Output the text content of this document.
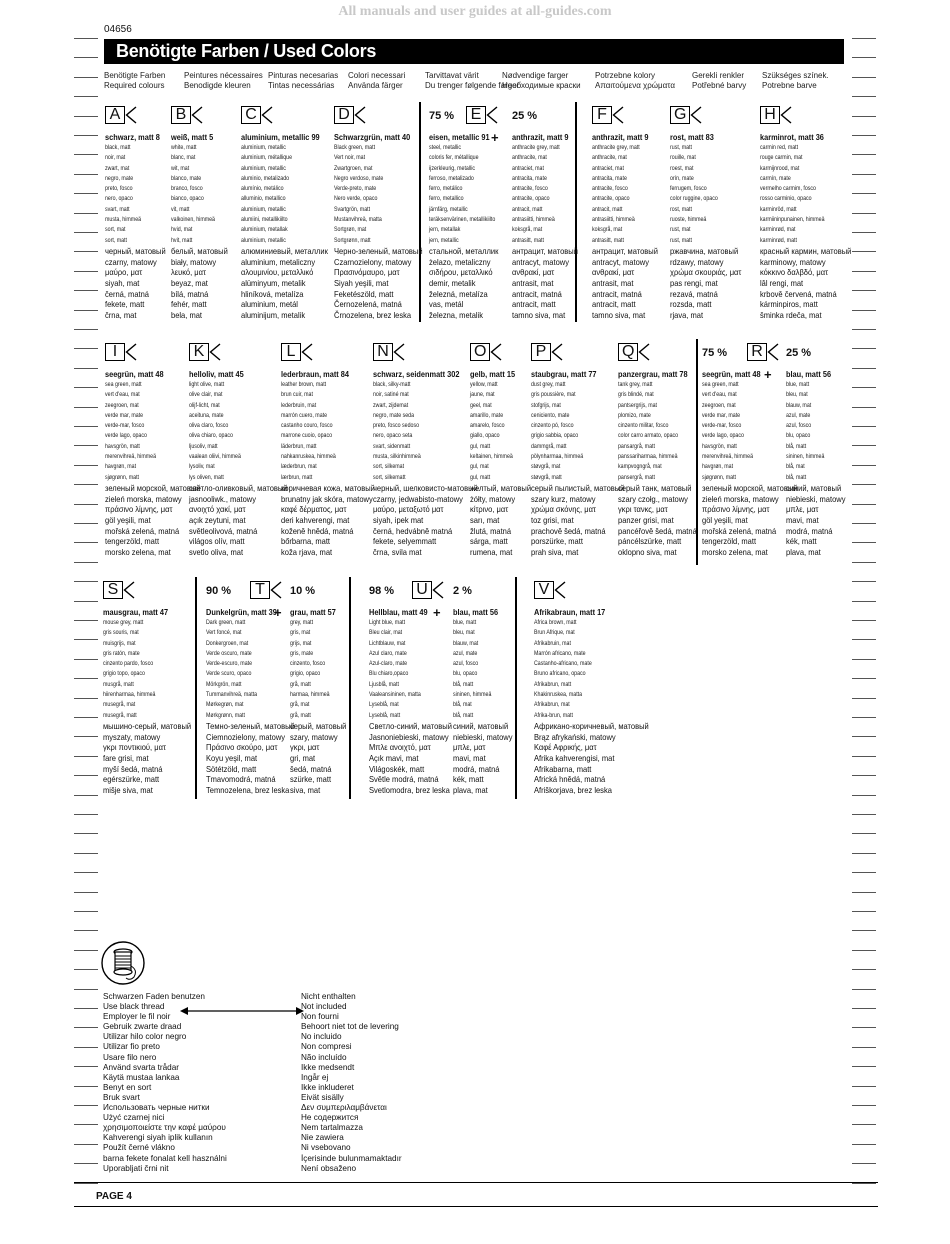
All manuals and user guides at all-guides.com
04656
Benötigte Farben / Used Colors
Benötigte Farben
Required colours
Peintures nécessaires
Benodigde kleuren
Pinturas necesarias
Tintas necessárias
Colori necessari
Använda färger
Tarvittavat värit
Du trenger følgende farger
Nødvendige farger
Необходимые краски
Potrzebne kolory
Απαιτούμενα χρώματα
Gerekli renkler
Potřebné barvy
Szükséges színek.
Potrebne barve
A
schwarz, matt 8
black, matt
noir, mat
zwart, mat
negro, mate
preto, fosco
nero, opaco
svart, matt
musta, himmeä
sort, mat
sort, matt
черный, матовый
czarny, matowy
μαύρο, ματ
siyah, mat
černá, matná
fekete, matt
črna, mat
B
weiß, matt 5
white, matt
blanc, mat
wit, mat
blanco, mate
branco, fosco
bianco, opaco
vit, matt
valkoinen, himmeä
hvid, mat
hvit, matt
белый, матовый
biały, matowy
λευκό, ματ
beyaz, mat
bílá, matná
fehér, matt
bela, mat
C
aluminium, metallic 99
aluminium, metallic
aluminium, métallique
aluminium, metallic
aluminio, metalizado
alumínio, metálico
alluminio, metallico
aluminium, metallic
alumiini, metallikiilto
aluminium, metallak
aluminium, metallic
алюминиевый, металлик
aluminium, metaliczny
αλουμινίου, μεταλλικό
alüminyum, metalik
hliníková, metalíza
aluminium, metál
aluminijum, metalik
D
Schwarzgrün, matt 40
Black green, matt
Vert noir, mat
Zwartgroen, mat
Negro verdoso, mate
Verde-preto, mate
Nero verde, opaco
Svartgrön, matt
Mustanvihreä, matta
Sortgrøn, mat
Sortgrønn, matt
Черно-зеленый, матовый
Czarnozielony, matowy
Πρασινόμαυρο, ματ
Siyah yeşili, mat
Feketészöld, matt
Černozelená, matná
Črnozelena, brez leska
75 %
+
eisen, metallic 91
steel, metallic
coloris fer, métallique
ijzerkleurig, metallic
ferroso, metalizado
ferro, metálico
ferro, metallico
järnfärg, metallic
teräksenvärinen, metallikiilto
jern, metallak
jern, metallic
стальной, металлик
żelazo, metaliczny
σιδήρου, μεταλλικό
demir, metalik
železná, metalíza
vas, metál
železna, metalik
25 %
anthrazit, matt 9
anthracite grey, matt
anthracite, mat
antraciet, mat
antracita, mate
antracite, fosco
antracite, opaco
antracit, matt
antrasiitti, himmeä
koksgrå, mat
antrasitt, matt
антрацит, матовый
antracyt, matowy
ανθρακί, ματ
antrasit, mat
antracit, matná
antracit, matt
tamno siva, mat
E	F
anthrazit, matt 9
anthracite grey, matt
anthracite, mat
antraciet, mat
antracita, mate
antracite, fosco
antracite, opaco
antracit, matt
antrasiitti, himmeä
koksgrå, mat
antrasitt, matt
антрацит, матовый
antracyt, matowy
ανθρακί, ματ
antrasit, mat
antracit, matná
antracit, matt
tamno siva, mat
G
rost, matt 83
rust, matt
rouille, mat
roest, mat
orín, mate
ferrugem, fosco
color ruggine, opaco
rost, matt
ruoste, himmeä
rust, mat
rust, matt
ржавчина, матовый
rdzawy, matowy
χρώμα σκουριάς, ματ
pas rengi, mat
rezavá, matná
rozsda, matt
rjava, mat
H
karminrot, matt 36
carmin red, matt
rouge carmin, mat
karmijnrood, mat
carmín, mate
vermelho carmim, fosco
rosso carminio, opaco
karminröd, matt
karmiininpunainen, himmeä
karminrød, mat
karminrød, matt
красный кармин, матовый
karminowy, matowy
κόκκινο δαλβδό, ματ
lâl rengi, mat
krbově červená, matná
kárminpiros, matt
šminka rdeča, mat
I
seegrün, matt 48
sea green, matt
vert d'eau, mat
zeegroen, mat
verde mar, mate
verde-mar, fosco
verde lago, opaco
havsgrön, matt
merenvihreä, himmeä
havgrøn, mat
sjøgrønn, matt
зеленый морской, матовый
zieleń morska, matowy
πράσινο λίμνης, ματ
göl yeşili, mat
mořská zelená, matná
tengerzöld, matt
morsko zelena, mat
K
helloliv, matt 45
light olive, matt
olive clair, mat
olijf-licht, mat
aceituna, mate
oliva claro, fosco
oliva chiaro, opaco
ljusoliv, matt
vaalean oliivi, himmeä
lysoliv, mat
lys oliven, matt
светло-оливковый, матовый
jasnooliwk., matowy
ανοιχτό χακί, ματ
açık zeytuni, mat
světleolivová, matná
világos olív, matt
svetlo oliva, mat
L
lederbraun, matt 84
leather brown, matt
brun cuir, mat
lederbruin, mat
marrón cuero, mate
castanho couro, fosco
marrone cuoio, opaco
läderbrun, matt
nahkanruskea, himmeä
læderbrun, mat
lærbrun, matt
коричневая кожа, матовый
brunatny jak skóra, matowy
καφέ δέρματος, ματ
deri kahverengi, mat
koženě hnědá, matná
bőrbarna, matt
koža rjava, mat
N
schwarz, seidenmatt 302
black, silky-matt
noir, satiné mat
zwart, zijdemat
negro, mate seda
preto, fosco sedoso
nero, opaco seta
svart, sidenmatt
musta, silkinhimmeä
sort, silkemat
sort, silkematt
черный, шелковисто-матовый
czarny, jedwabisto-matowy
μαύρο, μεταξωτό ματ
siyah, ipek mat
černá, hedvábně matná
fekete, selyemmatt
črna, svila mat
O
gelb, matt 15
yellow, matt
jaune, mat
geel, mat
amarillo, mate
amarelo, fosco
giallo, opaco
gul, matt
keltainen, himmeä
gul, mat
gul, matt
желтый, матовый
żółty, matowy
κίτρινο, ματ
sarı, mat
žlutá, matná
sárga, matt
rumena, mat
P
staubgrau, matt 77
dust grey, matt
gris poussière, mat
stofgrijs, mat
ceniciento, mate
cinzento pó, fosco
grigio sabbia, opaco
dammgrå, matt
pölynharmaa, himmeä
støvgrå, mat
støvgrå, matt
серый пылистый, матовый
szary kurz, matowy
χρώμα σκόνης, ματ
toz grisi, mat
prachově šedá, matná
porszürke, matt
prah siva, mat
Q
panzergrau, matt 78
tank grey, matt
gris blindé, mat
pantsergrijs, mat
plomizo, mate
cinzento militar, fosco
color carro armato, opaco
pansargrå, matt
panssariharmaa, himmeä
kampvogngrå, mat
pansergrå, matt
серый танк, матовый
szary czołg., matowy
γκρι τανκς, ματ
panzer grisi, mat
pancéřově šedá, matná
páncélszürke, matt
oklopno siva, mat
75 %
+
seegrün, matt 48
sea green, matt
vert d'eau, mat
zeegroen, mat
verde mar, mate
verde-mar, fosco
verde lago, opaco
havsgrön, matt
merenvihreä, himmeä
havgrøn, mat
sjøgrønn, matt
зеленый морской, матовый
zieleń morska, matowy
πράσινο λίμνης, ματ
göl yeşili, mat
mořská zelená, matná
tengerzöld, matt
morsko zelena, mat
25 %
blau, matt 56
blue, matt
bleu, mat
blauw, mat
azul, mate
azul, fosco
blu, opaco
blå, matt
sininen, himmeä
blå, mat
blå, matt
синий, матовый
niebieski, matowy
μπλε, ματ
mavi, mat
modrá, matná
kék, matt
plava, mat
R
S
mausgrau, matt 47
mouse grey, matt
gris souris, mat
muisgrijs, mat
gris ratón, mate
cinzento pardo, fosco
grigio topo, opaco
musgrå, matt
hiirenharmaa, himmeä
musegrå, mat
musegrå, matt
мышино-серый, матовый
myszaty, matowy
γκρι ποντικιού, ματ
fare grisi, mat
myší šedá, matná
egérszürke, matt
mišje siva, mat
90 %
+
Dunkelgrün, matt 39
Dark green, matt
Vert foncé, mat
Donkergroen, mat
Verde oscuro, mate
Verde-escuro, mate
Verde scuro, opaco
Mörkgrön, matt
Tummanvihreä, matta
Mørkegrøn, mat
Mørkgrønn, matt
Темно-зеленый, матовый
Ciemnozielony, matowy
Πράσινο σκούρο, ματ
Koyu yeşil, mat
Sötétzöld, matt
Tmavomodrá, matná
Temnozelena, brez leska
10 %
grau, matt 57
grey, matt
gris, mat
grijs, mat
gris, mate
cinzento, fosco
grigio, opaco
grå, matt
harmaa, himmeä
grå, mat
grå, matt
серый, матовый
szary, matowy
γκρι, ματ
gri, mat
šedá, matná
szürke, matt
siva, mat
T	98 %
+
Hellblau, matt 49
Light blue, matt
Bleu clair, mat
Lichtblauw, mat
Azul claro, mate
Azul-claro, mate
Blu chiaro,opaco
Ljusblå, matt
Vaaleansininen, matta
Lyseblå, mat
Lyseblå, matt
Светло-синий, матовый
Jasnoniebieski, matowy
Μπλε ανοιχτό, ματ
Açık mavi, mat
Világoskék, matt
Světle modrá, matná
Svetlomodra, brez leska
2 %
blau, matt 56
blue, matt
bleu, mat
blauw, mat
azul, mate
azul, fosco
blu, opaco
blå, matt
sininen, himmeä
blå, mat
blå, matt
синий, матовый
niebieski, matowy
μπλε, ματ
mavi, mat
modrá, matná
kék, matt
plava, mat
U	V
Afrikabraun, matt 17
Africa brown, matt
Brun Afrique, mat
Afrikabruin, mat
Marrón africano, mate
Castanho-africano, mate
Bruno africano, opaco
Afrikabrun, matt
Khakinruskea, matta
Afrikabrun, mat
Afrika-brun, matt
Африкано-коричневый, матовый
Brąz afrykański, matowy
Καφέ Αφρικής, ματ
Afrika kahverengisi, mat
Afrikabarna, matt
Africká hnědá, matná
Afriškorjava, brez leska
Schwarzen Faden benutzen
Use black thread
Employer le fil noir
Gebruik zwarte draad
Utilizar hilo color negro
Utilizar fio preto
Usare filo nero
Använd svarta trådar
Käytä mustaa lankaa
Benyt en sort
Bruk svart
Использовать черные нитки
Użyć czarnej nici
χρησιμοποιείστε την καφέ μαύρου
Kahverengi siyah iplik kullanın
Použít černé vlákno
barna fekete fonalat kell használni
Uporabljati črni nit
Nicht enthalten
Not included
Non fourni
Behoort niet tot de levering
No incluido
Non compresi
Não incluído
Ikke medsendt
Ingår ej
Ikke inkluderet
Eivät sisälly
Δεν συμπεριλαμβάνεται
Не содержится
Nem tartalmazza
Nie zawiera
Ni vsebovano
İçerisinde bulunmamaktadır
Není obsaženo
PAGE 4
